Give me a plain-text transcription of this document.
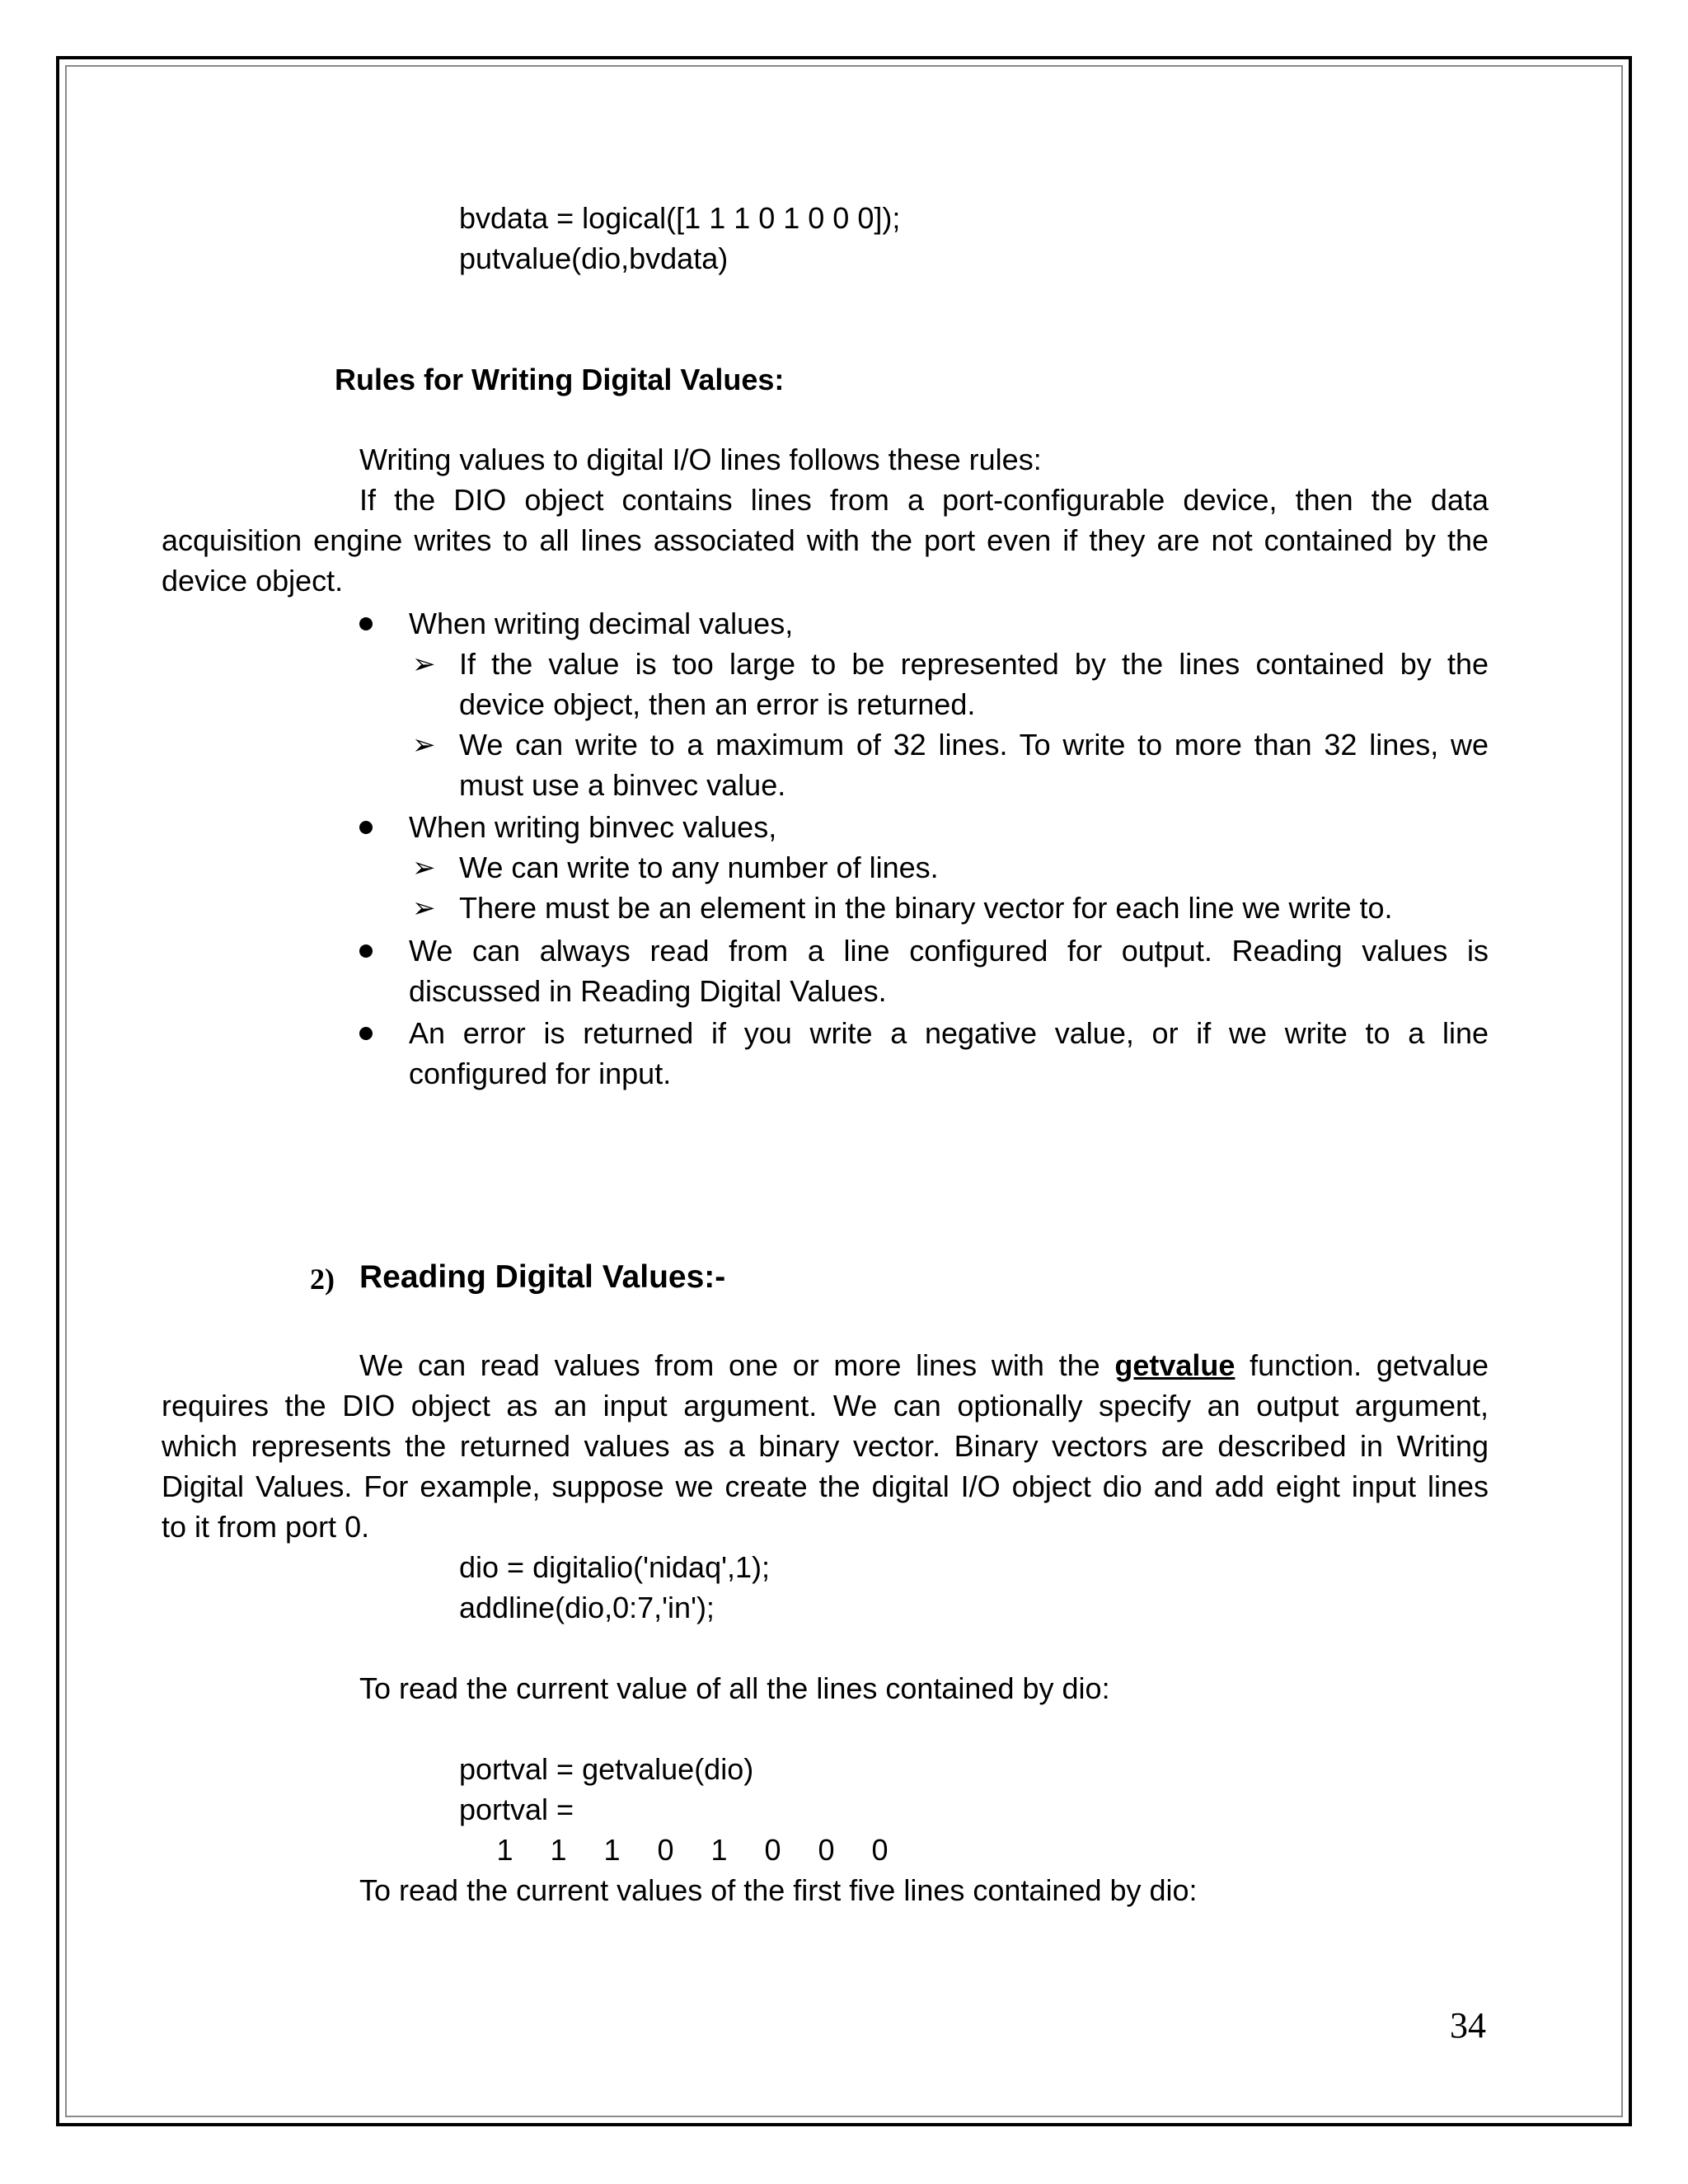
bvdata = logical([1 1 1 0 1 0 0 0]);
putvalue(dio,bvdata)
Rules for Writing Digital Values:
Writing values to digital I/O lines follows these rules:
If the DIO object contains lines from a port-configurable device, then the data
acquisition engine writes to all lines associated with the port even if they are not contained by the
device object.
When writing decimal values,
➢ If the value is too large to be represented by the lines contained by the
device object, then an error is returned.
➢ We can write to a maximum of 32 lines. To write to more than 32 lines, we
must use a binvec value.
When writing binvec values,
➢ We can write to any number of lines.
➢ There must be an element in the binary vector for each line we write to.
We can always read from a line configured for output. Reading values is
discussed in Reading Digital Values.
An error is returned if you write a negative value, or if we write to a line
configured for input.
2) Reading Digital Values:-
We can read values from one or more lines with the getvalue function. getvalue
requires the DIO object as an input argument. We can optionally specify an output argument,
which represents the returned values as a binary vector. Binary vectors are described in Writing
Digital Values. For example, suppose we create the digital I/O object dio and add eight input lines
to it from port 0.
dio = digitalio('nidaq',1);
addline(dio,0:7,'in');
To read the current value of all the lines contained by dio:
portval = getvalue(dio)
portval =
1 1 1 0 1 0 0 0
To read the current values of the first five lines contained by dio:
34
